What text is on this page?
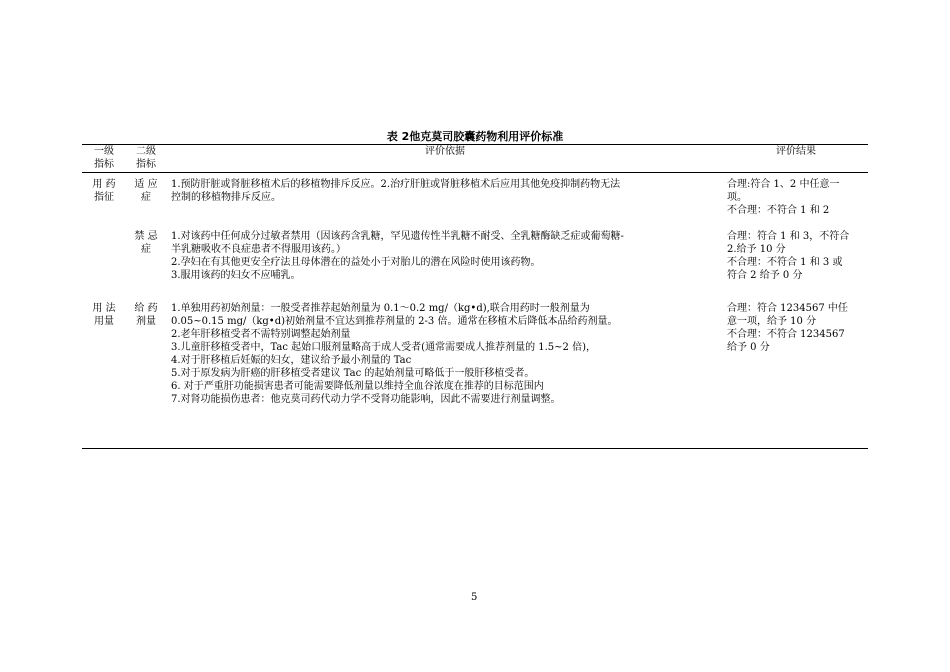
表 2他克莫司胶囊药物利用评价标准
一级
指标
二级
指标
评价依据	评价结果
用 药
指征
适 应
症
1.预防肝脏或肾脏移植术后的移植物排斥反应。2.治疗肝脏或肾脏移植术后应用其他免疫抑制药物无法
控制的移植物排斥反应。
合理:符合 1、2 中任意一
项。
不合理：不符合 1 和 2
禁 忌
症
1.对该药中任何成分过敏者禁用（因该药含乳糖，罕见遗传性半乳糖不耐受、全乳糖酶缺乏症或葡萄糖-
半乳糖吸收不良症患者不得服用该药。）
2.孕妇在有其他更安全疗法且母体潜在的益处小于对胎儿的潜在风险时使用该药物。
3.服用该药的妇女不应哺乳。
合理：符合 1 和 3，不符合
2.给予 10 分
不合理：不符合 1 和 3 或
符合 2 给予 0 分
用 法
用量
给 药
剂量
1.单独用药初始剂量：一般受者推荐起始剂量为 0.1～0.2 mg/（kg•d),联合用药时一般剂量为
0.05~0.15 mg/（kg•d)初始剂量不宜达到推荐剂量的 2-3 倍。通常在移植术后降低本品给药剂量。
2.老年肝移植受者不需特别调整起始剂量
3.儿童肝移植受者中，Tac 起始口服剂量略高于成人受者(通常需要成人推荐剂量的 1.5~2 倍)，
4.对于肝移植后妊娠的妇女，建议给予最小剂量的 Tac
5.对于原发病为肝癌的肝移植受者建议 Tac 的起始剂量可略低于一般肝移植受者。
6. 对于严重肝功能损害患者可能需要降低剂量以维持全血谷浓度在推荐的目标范围内
7.对肾功能损伤患者：他克莫司药代动力学不受肾功能影响，因此不需要进行剂量调整。
合理：符合 1234567 中任
意一项，给予 10 分
不合理：不符合 1234567
给予 0 分
5
